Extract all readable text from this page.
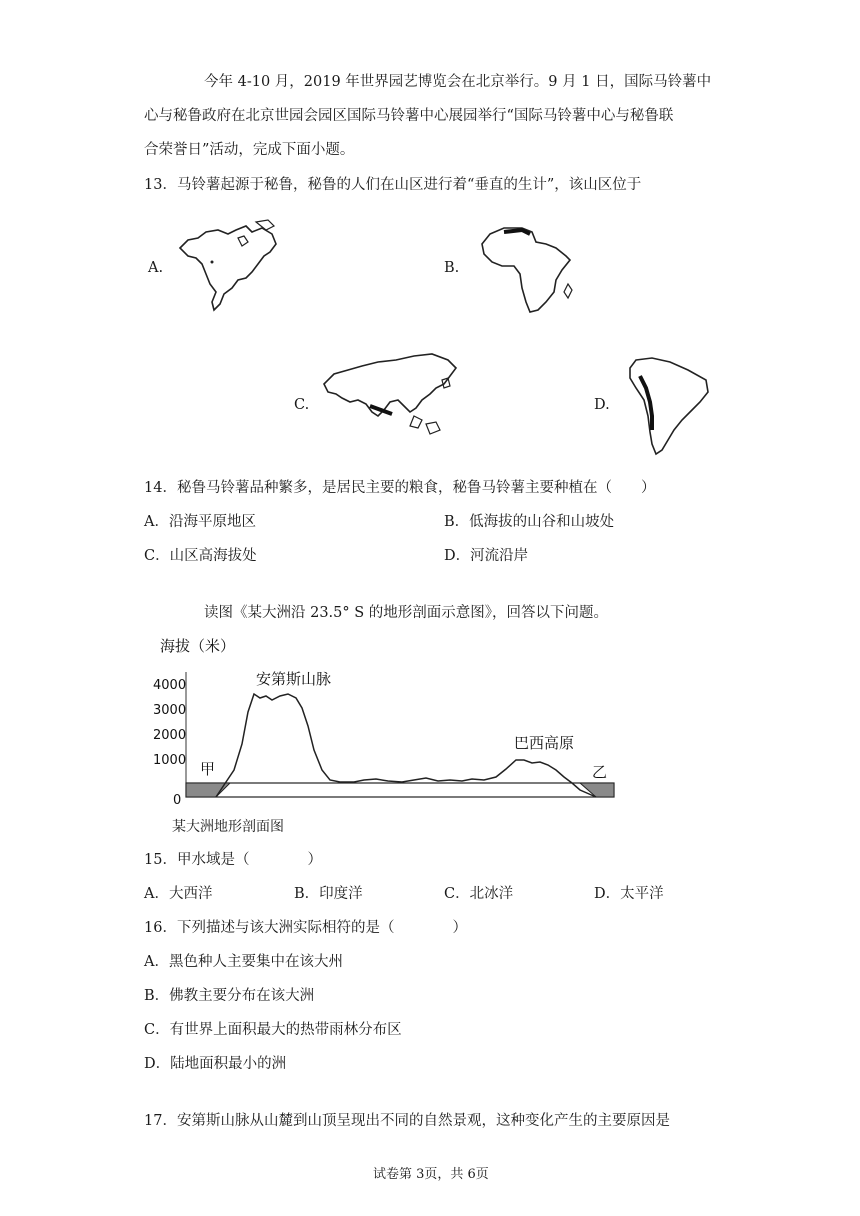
今年 4-10 月，2019 年世界园艺博览会在北京举行。9 月 1 日，国际马铃薯中
心与秘鲁政府在北京世园会园区国际马铃薯中心展园举行“国际马铃薯中心与秘鲁联
合荣誉日”活动，完成下面小题。
13．马铃薯起源于秘鲁，秘鲁的人们在山区进行着“垂直的生计”，该山区位于
A.	B.
C.	D.
14．秘鲁马铃薯品种繁多，是居民主要的粮食，秘鲁马铃薯主要种植在（　　）
A．沿海平原地区	B．低海拔的山谷和山坡处
C．山区高海拔处	D．河流沿岸
读图《某大洲沿 23.5° S 的地形剖面示意图》，回答以下问题。
海拔（米）
4000
3000
2000
1000
0
安第斯山脉
巴西高原
甲	乙
某大洲地形剖面图
15．甲水域是（　　　　）
A．大西洋	B．印度洋	C．北冰洋	D．太平洋
16．下列描述与该大洲实际相符的是（　　　　）
A．黑色种人主要集中在该大州
B．佛教主要分布在该大洲
C．有世界上面积最大的热带雨林分布区
D．陆地面积最小的洲
17．安第斯山脉从山麓到山顶呈现出不同的自然景观，这种变化产生的主要原因是
试卷第 3页，共 6页
